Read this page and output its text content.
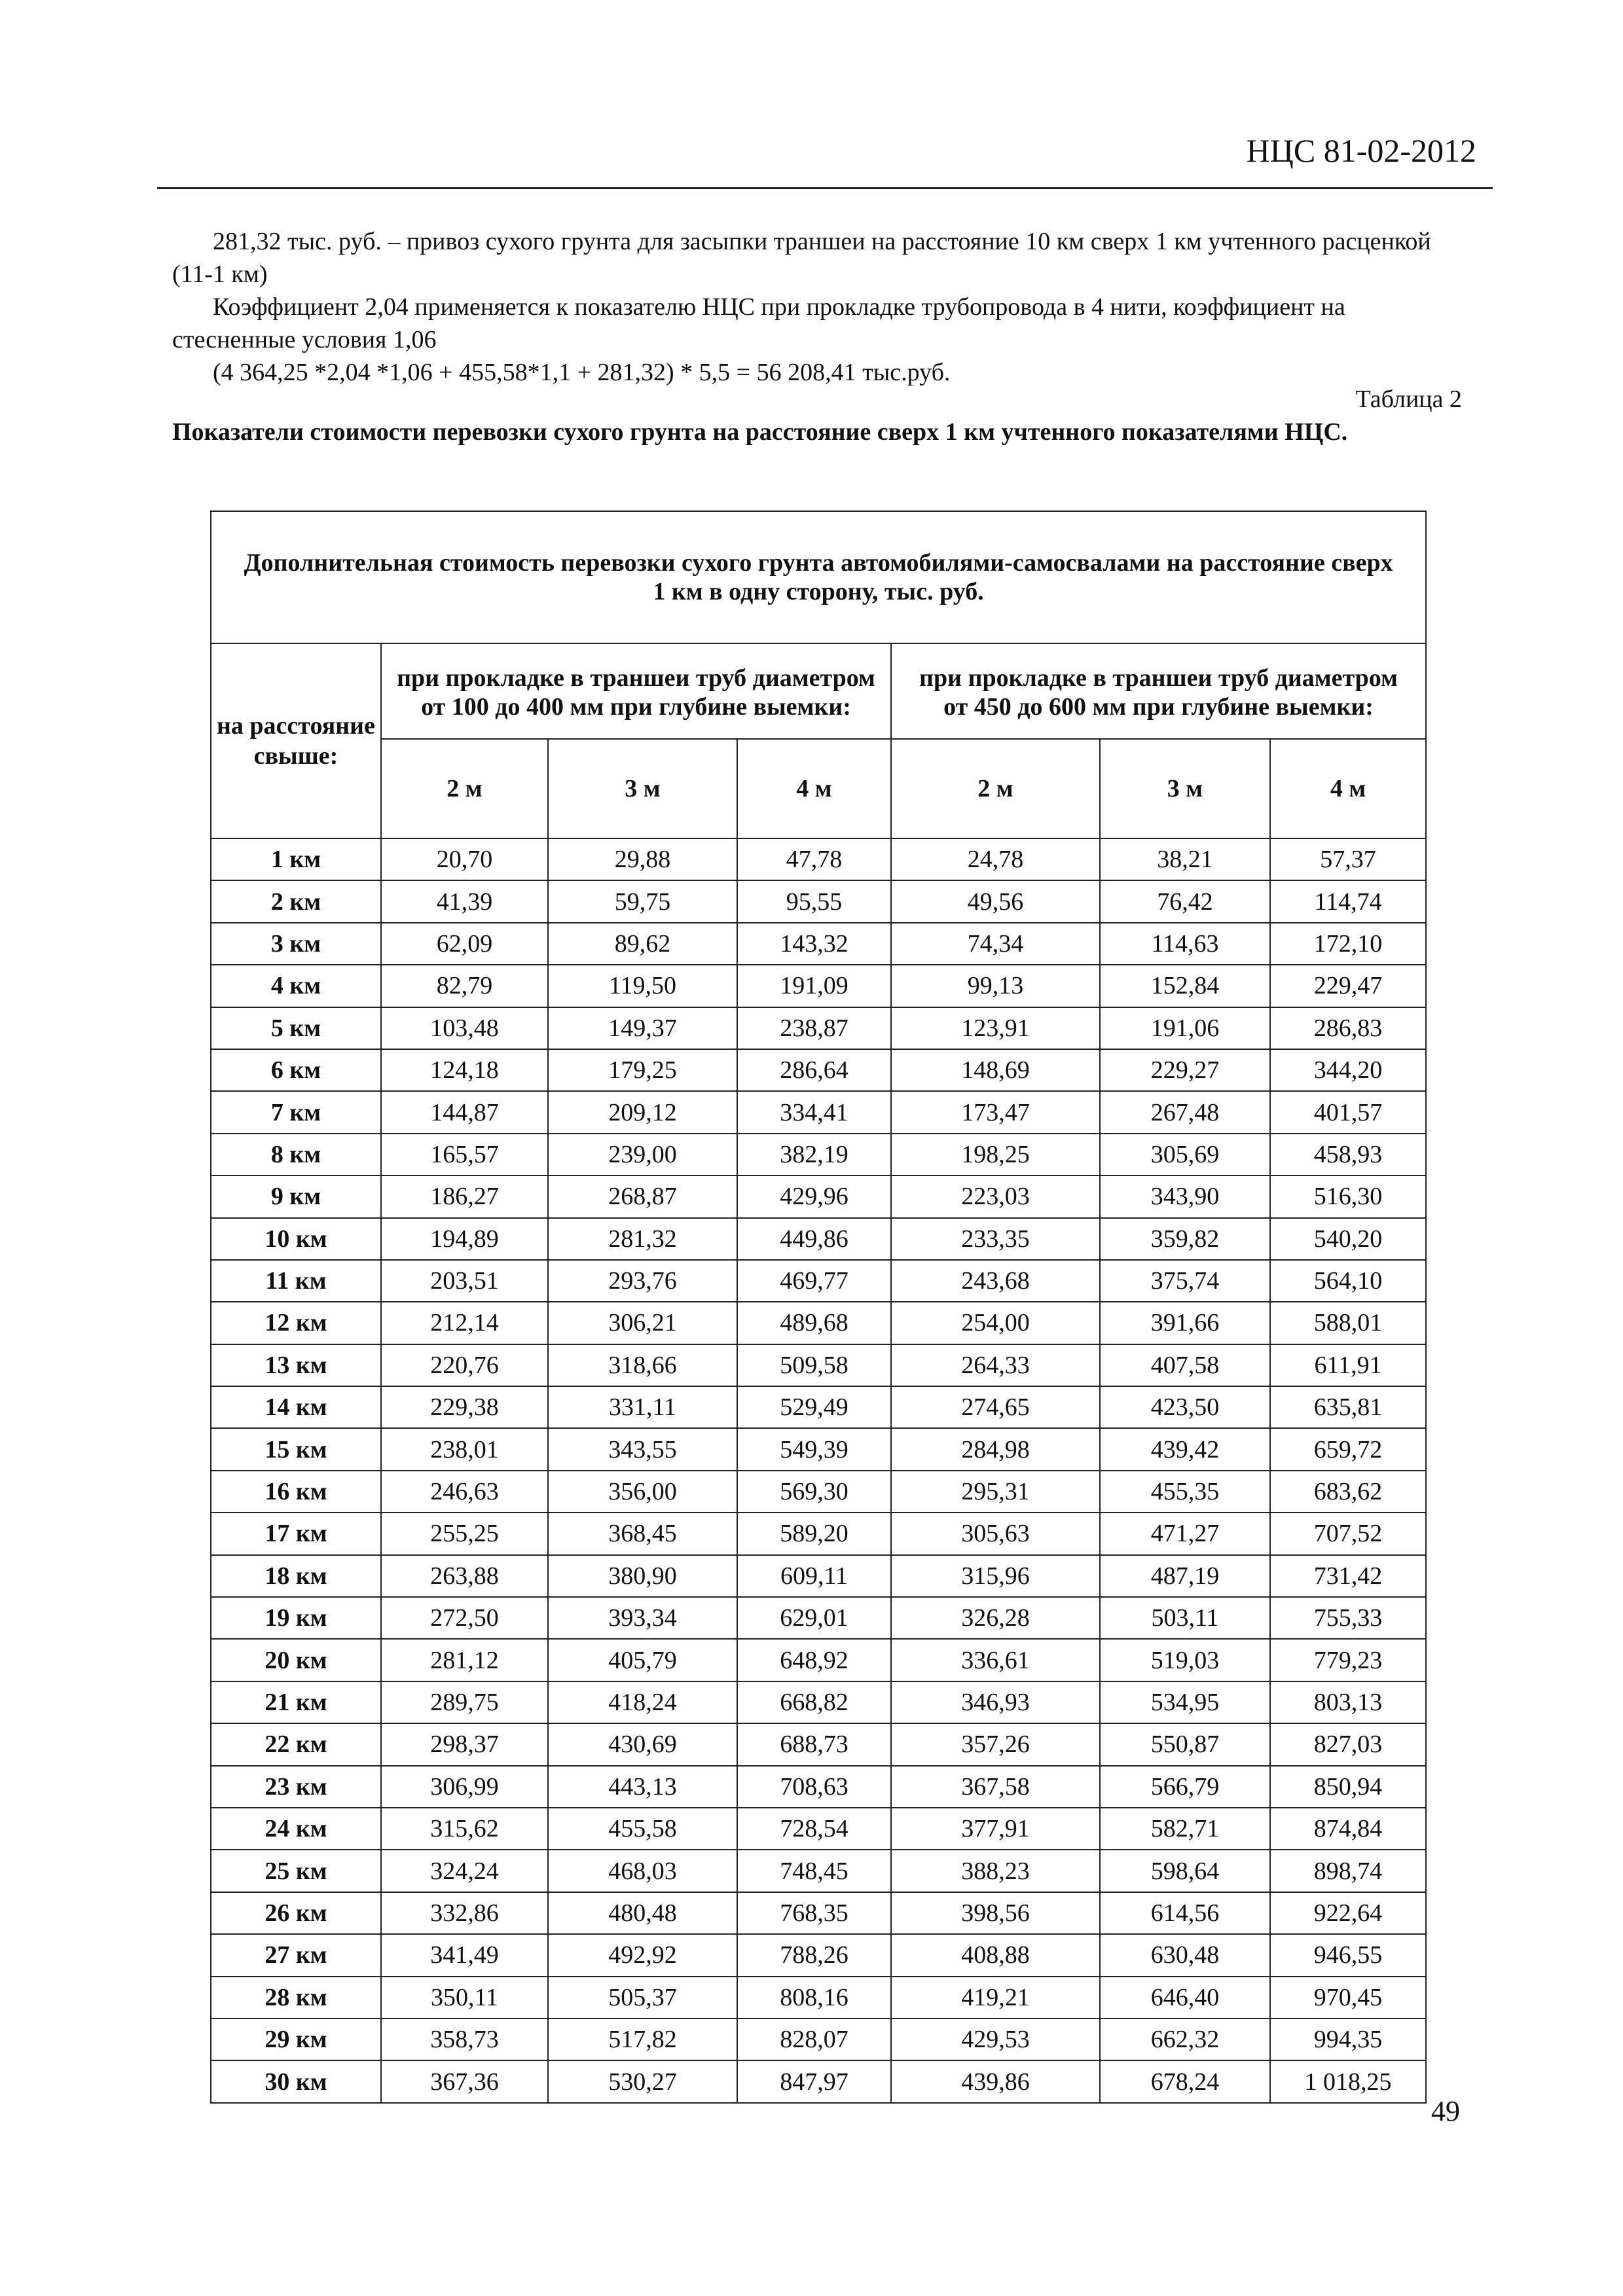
НЦС 81-02-2012

281,32 тыс. руб. – привоз сухого грунта для засыпки траншеи на расстояние 10 км сверх 1 км учтенного расценкой (11-1 км)

Коэффициент 2,04 применяется к показателю НЦС при прокладке трубопровода в 4 нити, коэффициент на стесненные условия 1,06

(4 364,25 *2,04 *1,06 + 455,58*1,1 + 281,32) * 5,5 = 56 208,41 тыс.руб.

Таблица 2
Показатели стоимости перевозки сухого грунта на расстояние сверх 1 км учтенного показателями НЦС.
Дополнительная стоимость перевозки сухого грунта автомобилями-самосвалами на расстояние сверх 1 км в одну сторону, тыс. руб.						
на расстояние свыше:	при прокладке в траншеи труб диаметром от 100 до 400 мм при глубине выемки:			при прокладке в траншеи труб диаметром от 450 до 600 мм при глубине выемки:		
	2 м	3 м	4 м	2 м	3 м	4 м
1 км	20,70	29,88	47,78	24,78	38,21	57,37
2 км	41,39	59,75	95,55	49,56	76,42	114,74
3 км	62,09	89,62	143,32	74,34	114,63	172,10
4 км	82,79	119,50	191,09	99,13	152,84	229,47
5 км	103,48	149,37	238,87	123,91	191,06	286,83
6 км	124,18	179,25	286,64	148,69	229,27	344,20
7 км	144,87	209,12	334,41	173,47	267,48	401,57
8 км	165,57	239,00	382,19	198,25	305,69	458,93
9 км	186,27	268,87	429,96	223,03	343,90	516,30
10 км	194,89	281,32	449,86	233,35	359,82	540,20
11 км	203,51	293,76	469,77	243,68	375,74	564,10
12 км	212,14	306,21	489,68	254,00	391,66	588,01
13 км	220,76	318,66	509,58	264,33	407,58	611,91
14 км	229,38	331,11	529,49	274,65	423,50	635,81
15 км	238,01	343,55	549,39	284,98	439,42	659,72
16 км	246,63	356,00	569,30	295,31	455,35	683,62
17 км	255,25	368,45	589,20	305,63	471,27	707,52
18 км	263,88	380,90	609,11	315,96	487,19	731,42
19 км	272,50	393,34	629,01	326,28	503,11	755,33
20 км	281,12	405,79	648,92	336,61	519,03	779,23
21 км	289,75	418,24	668,82	346,93	534,95	803,13
22 км	298,37	430,69	688,73	357,26	550,87	827,03
23 км	306,99	443,13	708,63	367,58	566,79	850,94
24 км	315,62	455,58	728,54	377,91	582,71	874,84
25 км	324,24	468,03	748,45	388,23	598,64	898,74
26 км	332,86	480,48	768,35	398,56	614,56	922,64
27 км	341,49	492,92	788,26	408,88	630,48	946,55
28 км	350,11	505,37	808,16	419,21	646,40	970,45
29 км	358,73	517,82	828,07	429,53	662,32	994,35
30 км	367,36	530,27	847,97	439,86	678,24	1 018,25
49
